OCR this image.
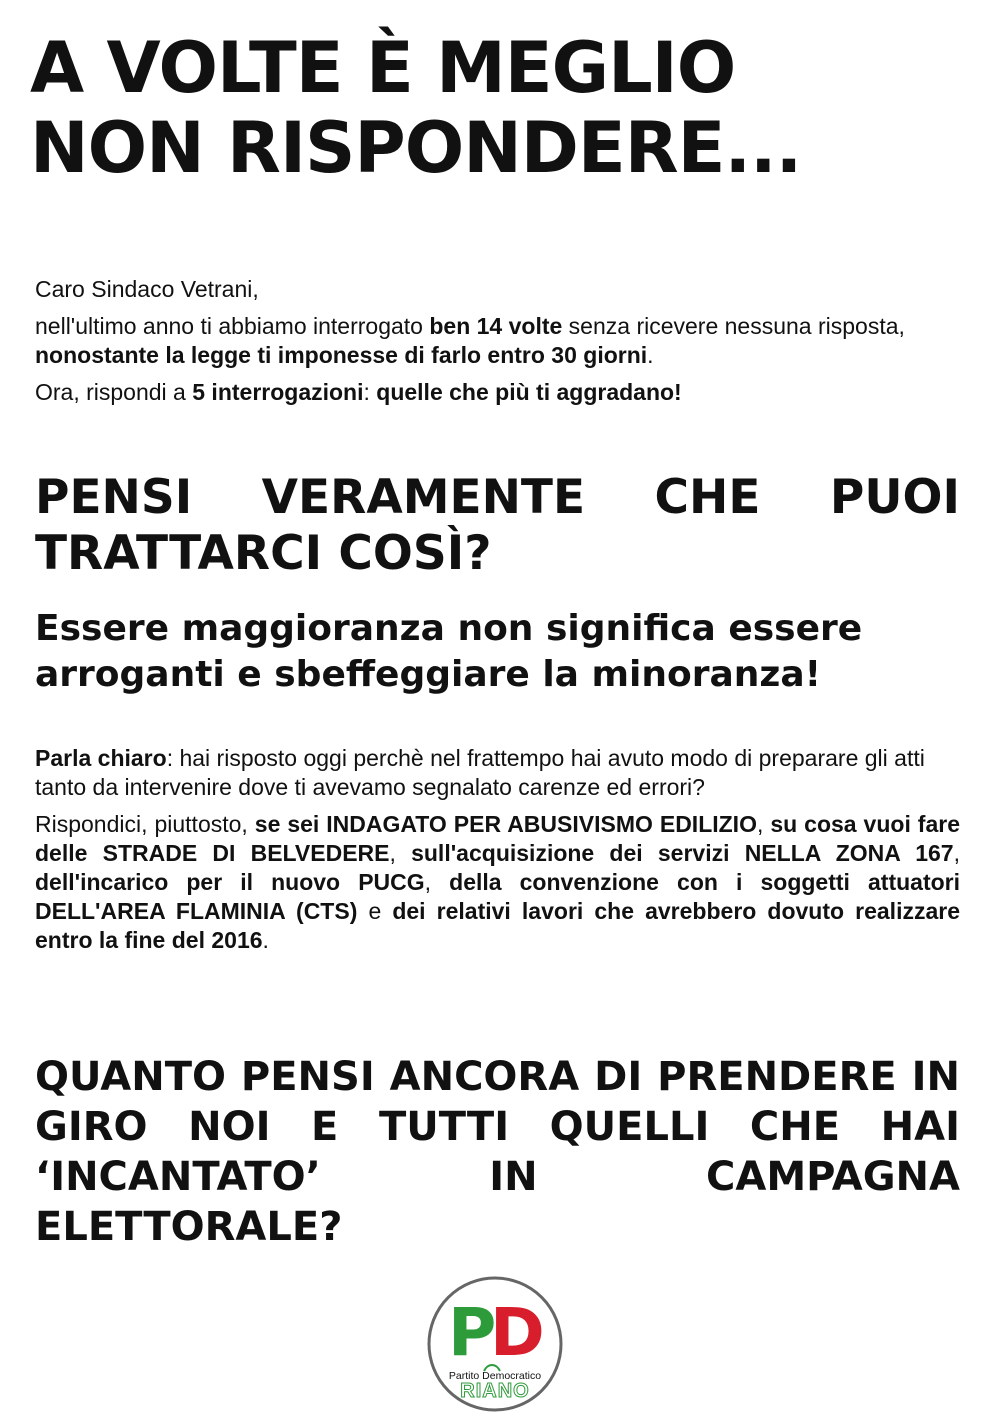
A VOLTE È MEGLIO
NON RISPONDERE...

Caro Sindaco Vetrani,

nell'ultimo anno ti abbiamo interrogato ben 14 volte senza ricevere nessuna risposta, nonostante la legge ti imponesse di farlo entro 30 giorni.

Ora, rispondi a 5 interrogazioni: quelle che più ti aggradano!

PENSI VERAMENTE CHE PUOI TRATTARCI COSÌ?
Essere maggioranza non significa essere arroganti e sbeffeggiare la minoranza!

Parla chiaro: hai risposto oggi perchè nel frattempo hai avuto modo di preparare gli atti tanto da intervenire dove ti avevamo segnalato carenze ed errori?

Rispondici, piuttosto, se sei INDAGATO PER ABUSIVISMO EDILIZIO, su cosa vuoi fare delle STRADE DI BELVEDERE, sull'acquisizione dei servizi NELLA ZONA 167, dell'incarico per il nuovo PUCG, della convenzione con i soggetti attuatori DELL'AREA FLAMINIA (CTS) e dei relativi lavori che avrebbero dovuto realizzare entro la fine del 2016.

QUANTO PENSI ANCORA DI PRENDERE IN GIRO NOI E TUTTI QUELLI CHE HAI ‘INCANTATO’ IN CAMPAGNA ELETTORALE?
P
D
Partito Democratico
RIANO
